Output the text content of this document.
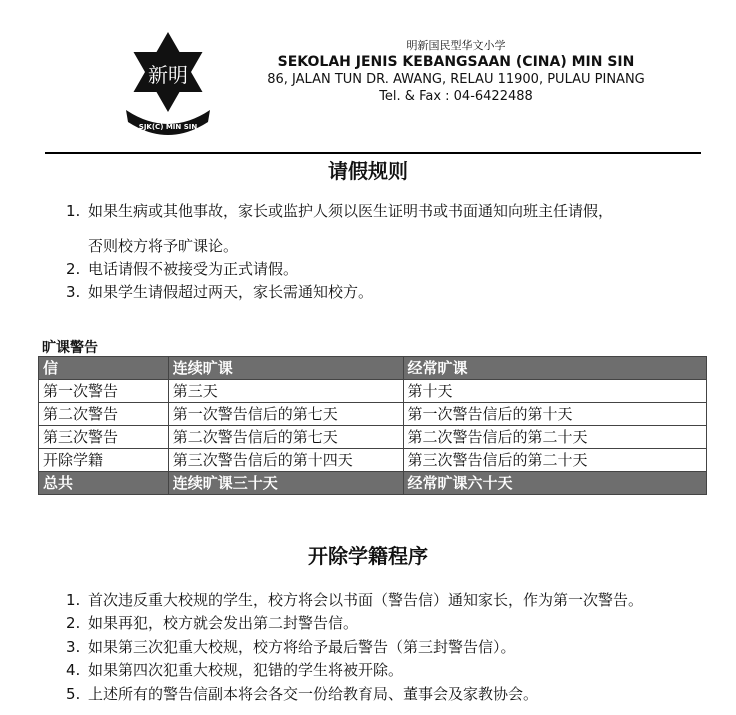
新明
SJK(C) MIN SIN
明新国民型华文小学
SEKOLAH JENIS KEBANGSAAN (CINA) MIN SIN
86, JALAN TUN DR. AWANG, RELAU 11900, PULAU PINANG
Tel. & Fax : 04-6422488
请假规则
1. 如果生病或其他事故，家长或监护人须以医生证明书或书面通知向班主任请假，
否则校方将予旷课论。
2. 电话请假不被接受为正式请假。
3. 如果学生请假超过两天，家长需通知校方。
旷课警告
信	连续旷课	经常旷课
第一次警告	第三天	第十天
第二次警告	第一次警告信后的第七天	第一次警告信后的第十天
第三次警告	第二次警告信后的第七天	第二次警告信后的第二十天
开除学籍	第三次警告信后的第十四天	第三次警告信后的第二十天
总共	连续旷课三十天	经常旷课六十天
开除学籍程序
1. 首次违反重大校规的学生，校方将会以书面（警告信）通知家长，作为第一次警告。
2. 如果再犯，校方就会发出第二封警告信。
3. 如果第三次犯重大校规，校方将给予最后警告（第三封警告信）。
4. 如果第四次犯重大校规，犯错的学生将被开除。
5. 上述所有的警告信副本将会各交一份给教育局、董事会及家教协会。
